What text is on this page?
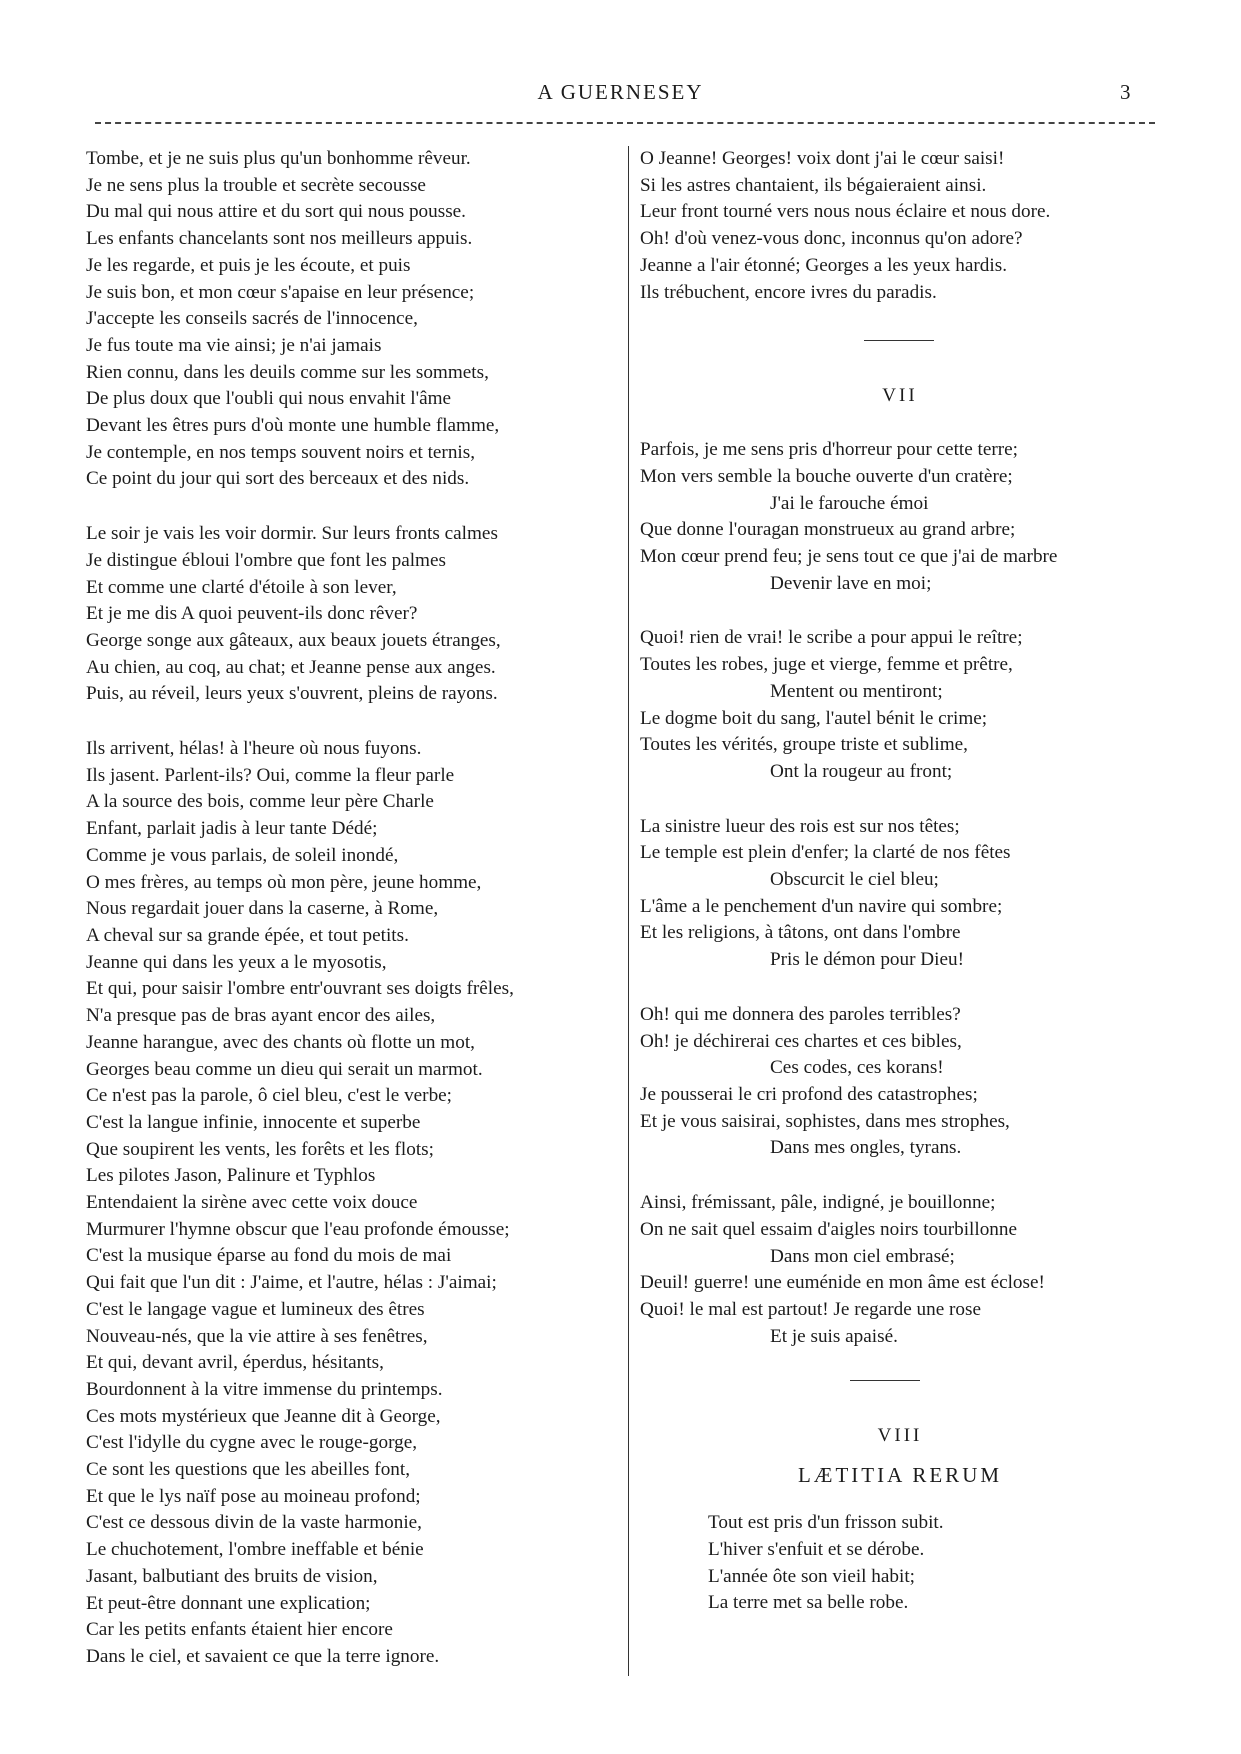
A GUERNESEY	3
Tombe, et je ne suis plus qu'un bonhomme rêveur.
Je ne sens plus la trouble et secrète secousse
Du mal qui nous attire et du sort qui nous pousse.
Les enfants chancelants sont nos meilleurs appuis.
Je les regarde, et puis je les écoute, et puis
Je suis bon, et mon cœur s'apaise en leur présence;
J'accepte les conseils sacrés de l'innocence,
Je fus toute ma vie ainsi; je n'ai jamais
Rien connu, dans les deuils comme sur les sommets,
De plus doux que l'oubli qui nous envahit l'âme
Devant les êtres purs d'où monte une humble flamme,
Je contemple, en nos temps souvent noirs et ternis,
Ce point du jour qui sort des berceaux et des nids.
Le soir je vais les voir dormir. Sur leurs fronts calmes
Je distingue ébloui l'ombre que font les palmes
Et comme une clarté d'étoile à son lever,
Et je me dis A quoi peuvent-ils donc rêver?
George songe aux gâteaux, aux beaux jouets étranges,
Au chien, au coq, au chat; et Jeanne pense aux anges.
Puis, au réveil, leurs yeux s'ouvrent, pleins de rayons.
Ils arrivent, hélas! à l'heure où nous fuyons.
Ils jasent. Parlent-ils? Oui, comme la fleur parle
A la source des bois, comme leur père Charle
Enfant, parlait jadis à leur tante Dédé;
Comme je vous parlais, de soleil inondé,
O mes frères, au temps où mon père, jeune homme,
Nous regardait jouer dans la caserne, à Rome,
A cheval sur sa grande épée, et tout petits.
Jeanne qui dans les yeux a le myosotis,
Et qui, pour saisir l'ombre entr'ouvrant ses doigts frêles,
N'a presque pas de bras ayant encor des ailes,
Jeanne harangue, avec des chants où flotte un mot,
Georges beau comme un dieu qui serait un marmot.
Ce n'est pas la parole, ô ciel bleu, c'est le verbe;
C'est la langue infinie, innocente et superbe
Que soupirent les vents, les forêts et les flots;
Les pilotes Jason, Palinure et Typhlos
Entendaient la sirène avec cette voix douce
Murmurer l'hymne obscur que l'eau profonde émousse;
C'est la musique éparse au fond du mois de mai
Qui fait que l'un dit : J'aime, et l'autre, hélas : J'aimai;
C'est le langage vague et lumineux des êtres
Nouveau-nés, que la vie attire à ses fenêtres,
Et qui, devant avril, éperdus, hésitants,
Bourdonnent à la vitre immense du printemps.
Ces mots mystérieux que Jeanne dit à George,
C'est l'idylle du cygne avec le rouge-gorge,
Ce sont les questions que les abeilles font,
Et que le lys naïf pose au moineau profond;
C'est ce dessous divin de la vaste harmonie,
Le chuchotement, l'ombre ineffable et bénie
Jasant, balbutiant des bruits de vision,
Et peut-être donnant une explication;
Car les petits enfants étaient hier encore
Dans le ciel, et savaient ce que la terre ignore.
O Jeanne! Georges! voix dont j'ai le cœur saisi!
Si les astres chantaient, ils bégaieraient ainsi.
Leur front tourné vers nous nous éclaire et nous dore.
Oh! d'où venez-vous donc, inconnus qu'on adore?
Jeanne a l'air étonné; Georges a les yeux hardis.
Ils trébuchent, encore ivres du paradis.
VII
Parfois, je me sens pris d'horreur pour cette terre;
Mon vers semble la bouche ouverte d'un cratère;
J'ai le farouche émoi
Que donne l'ouragan monstrueux au grand arbre;
Mon cœur prend feu; je sens tout ce que j'ai de marbre
Devenir lave en moi;
Quoi! rien de vrai! le scribe a pour appui le reître;
Toutes les robes, juge et vierge, femme et prêtre,
Mentent ou mentiront;
Le dogme boit du sang, l'autel bénit le crime;
Toutes les vérités, groupe triste et sublime,
Ont la rougeur au front;
La sinistre lueur des rois est sur nos têtes;
Le temple est plein d'enfer; la clarté de nos fêtes
Obscurcit le ciel bleu;
L'âme a le penchement d'un navire qui sombre;
Et les religions, à tâtons, ont dans l'ombre
Pris le démon pour Dieu!
Oh! qui me donnera des paroles terribles?
Oh! je déchirerai ces chartes et ces bibles,
Ces codes, ces korans!
Je pousserai le cri profond des catastrophes;
Et je vous saisirai, sophistes, dans mes strophes,
Dans mes ongles, tyrans.
Ainsi, frémissant, pâle, indigné, je bouillonne;
On ne sait quel essaim d'aigles noirs tourbillonne
Dans mon ciel embrasé;
Deuil! guerre! une euménide en mon âme est éclose!
Quoi! le mal est partout! Je regarde une rose
Et je suis apaisé.
VIII
LÆTITIA RERUM
Tout est pris d'un frisson subit.
L'hiver s'enfuit et se dérobe.
L'année ôte son vieil habit;
La terre met sa belle robe.
